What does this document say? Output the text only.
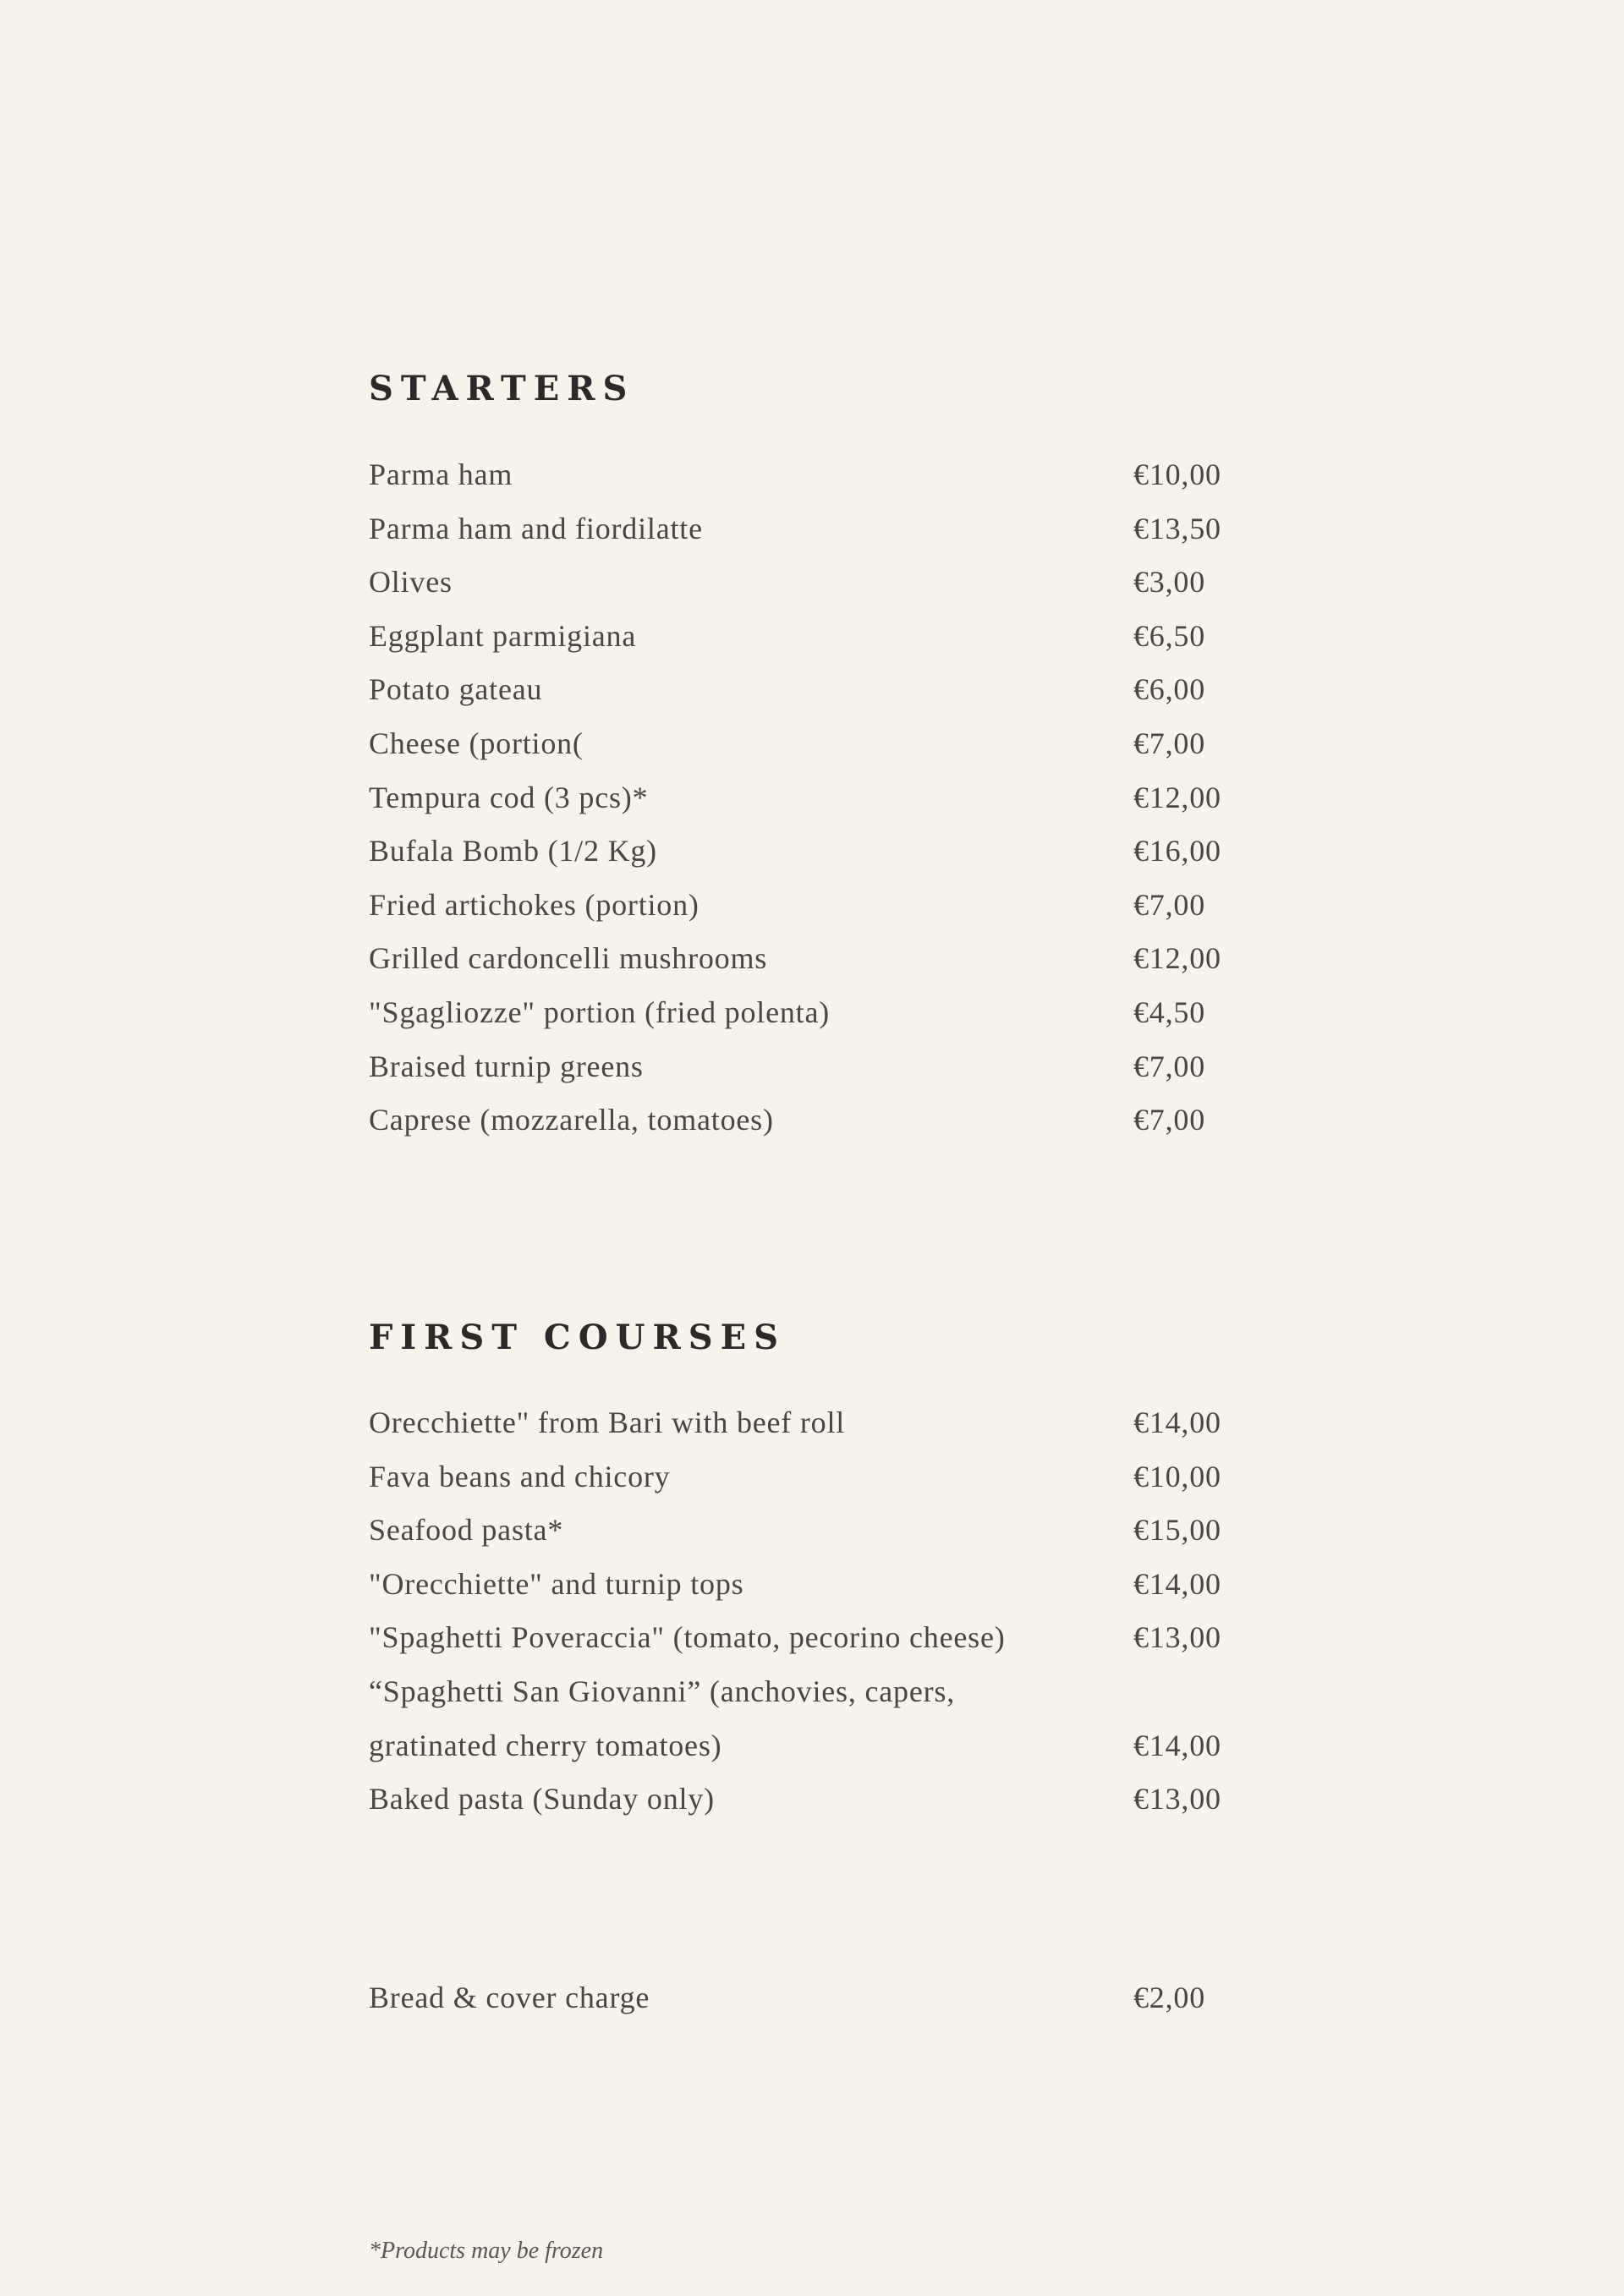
STARTERS
Parma ham	€10,00
Parma ham and fiordilatte	€13,50
Olives	€3,00
Eggplant parmigiana	€6,50
Potato gateau	€6,00
Cheese (portion(	€7,00
Tempura cod (3 pcs)*	€12,00
Bufala Bomb (1/2 Kg)	€16,00
Fried artichokes (portion)	€7,00
Grilled cardoncelli mushrooms	€12,00
"Sgagliozze" portion (fried polenta)	€4,50
Braised turnip greens	€7,00
Caprese (mozzarella, tomatoes)	€7,00
FIRST COURSES
Orecchiette" from Bari with beef roll	€14,00
Fava beans and chicory	€10,00
Seafood pasta*	€15,00
"Orecchiette" and turnip tops	€14,00
"Spaghetti Poveraccia" (tomato, pecorino cheese)	€13,00
“Spaghetti San Giovanni” (anchovies, capers,
gratinated cherry tomatoes)	€14,00
Baked pasta (Sunday only)	€13,00
Bread & cover charge	€2,00
*Products may be frozen
